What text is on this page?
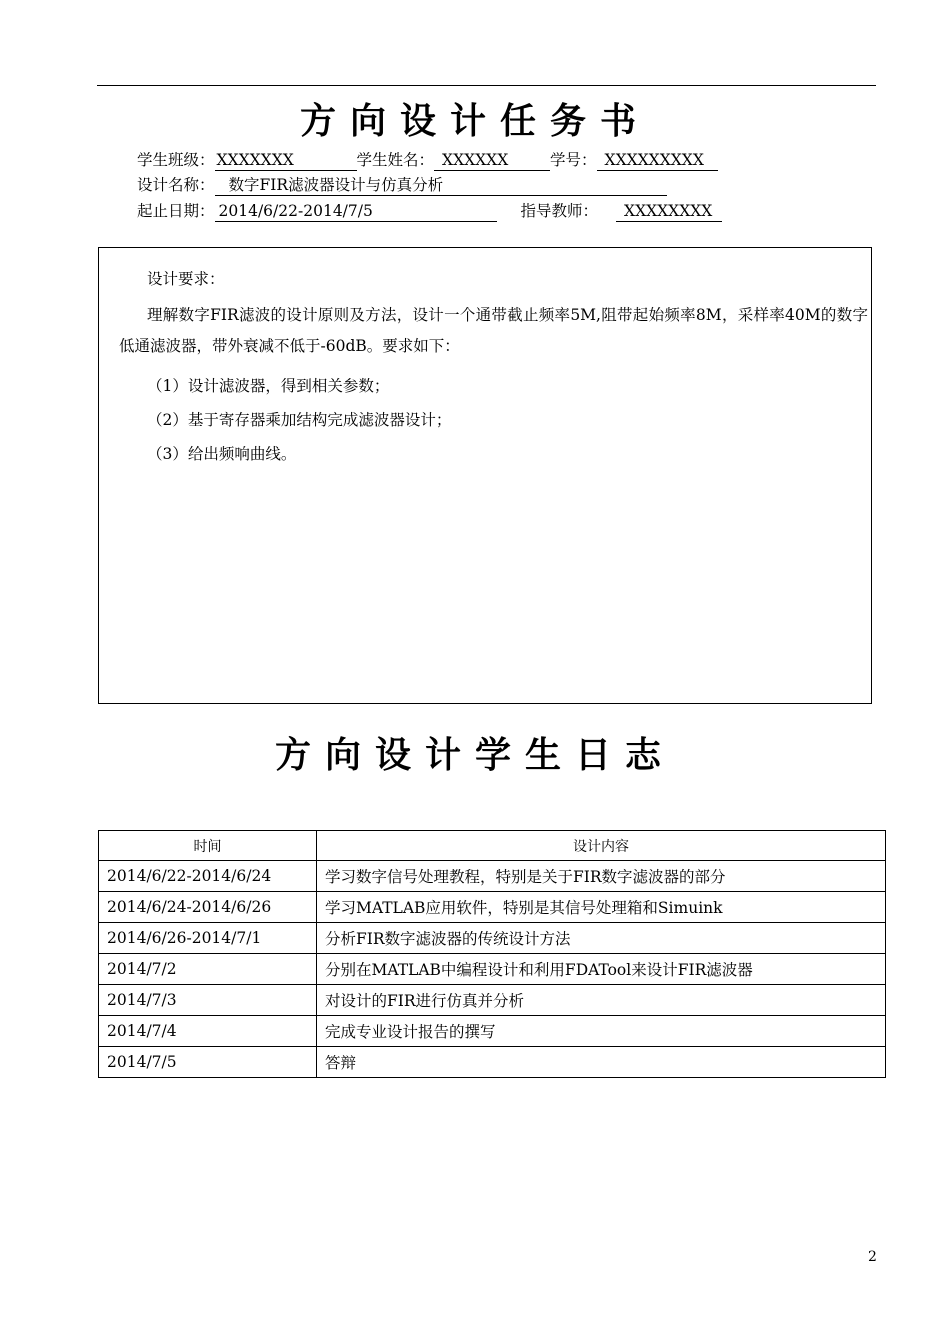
方向设计任务书
学生班级： XXXXXXX	学生姓名： XXXXXX	学号： XXXXXXXXX
设计名称： 数字FIR滤波器设计与仿真分析
起止日期： 2014/6/22-2014/7/5	指导教师： XXXXXXXX
设计要求：
理解数字FIR滤波的设计原则及方法，设计一个通带截止频率5M,阻带起始频率8M，采样率40M的数字低通滤波器，带外衰减不低于-60dB。要求如下：
（1）设计滤波器，得到相关参数；
（2）基于寄存器乘加结构完成滤波器设计；
（3）给出频响曲线。
方向设计学生日志
时间	设计内容
2014/6/22-2014/6/24	学习数字信号处理教程，特别是关于FIR数字滤波器的部分
2014/6/24-2014/6/26	学习MATLAB应用软件，特别是其信号处理箱和Simuink
2014/6/26-2014/7/1	分析FIR数字滤波器的传统设计方法
2014/7/2	分别在MATLAB中编程设计和利用FDATool来设计FIR滤波器
2014/7/3	对设计的FIR进行仿真并分析
2014/7/4	完成专业设计报告的撰写
2014/7/5	答辩
2
